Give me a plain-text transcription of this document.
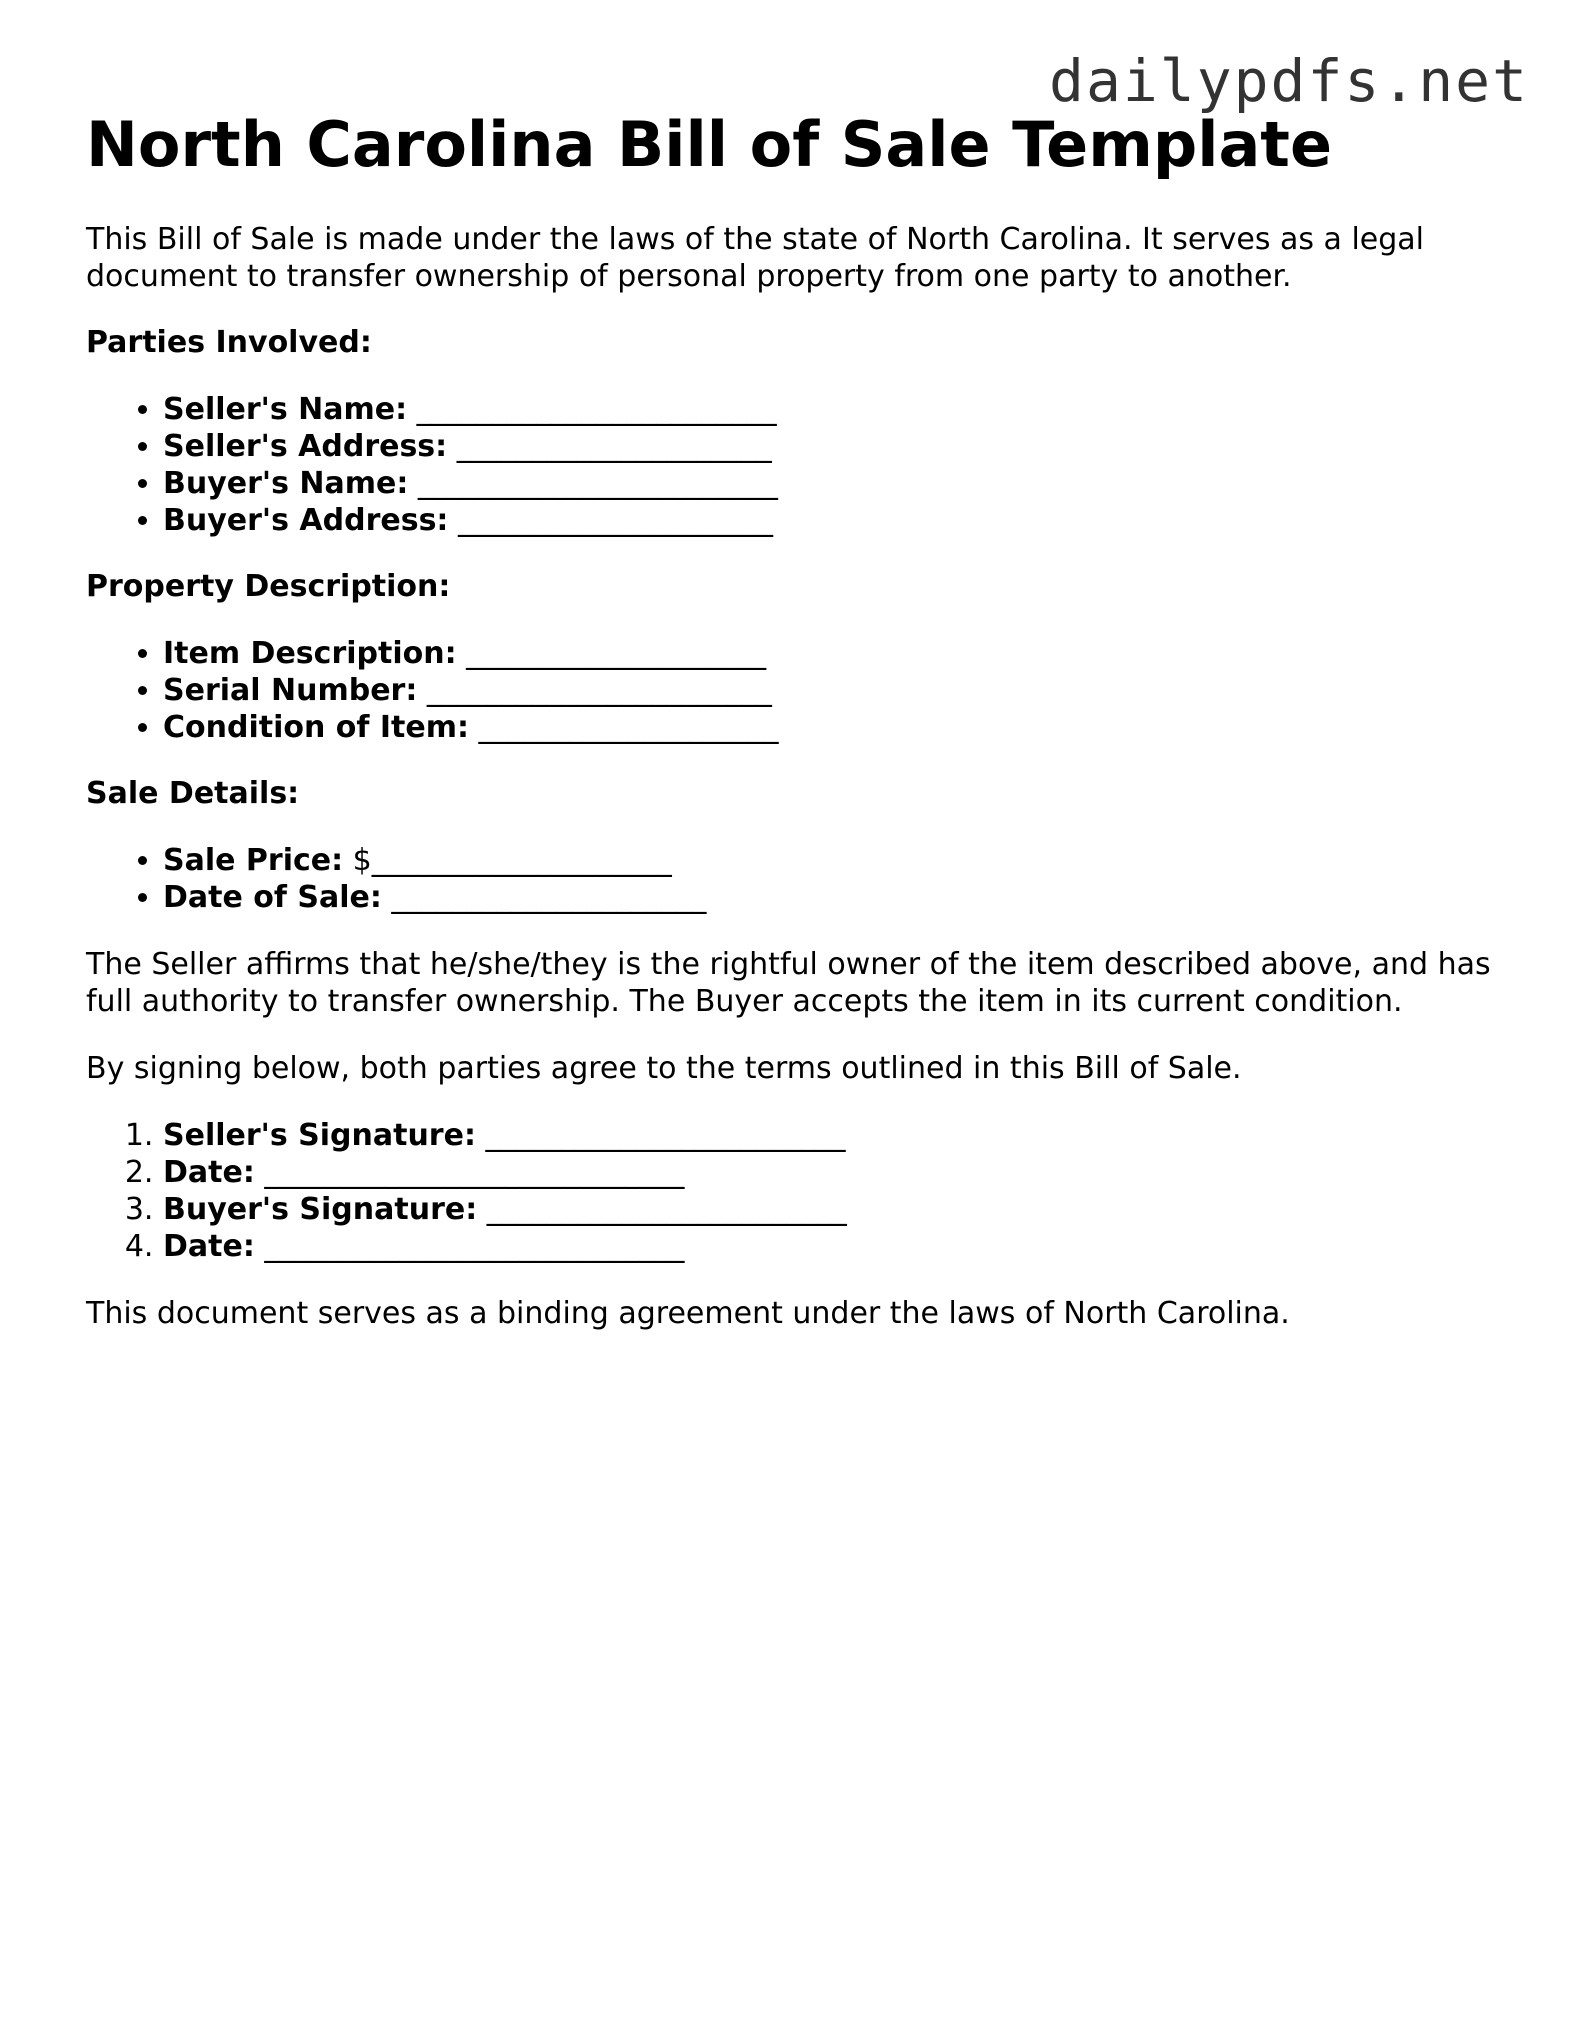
dailypdfs.net
North Carolina Bill of Sale Template

This Bill of Sale is made under the laws of the state of North Carolina. It serves as a legal document to transfer ownership of personal property from one party to another.

Parties Involved:

• Seller's Name: ________________________
• Seller's Address: _____________________
• Buyer's Name: ________________________
• Buyer's Address: _____________________

Property Description:

• Item Description: ____________________
• Serial Number: _______________________
• Condition of Item: ____________________

Sale Details:

• Sale Price: $____________________
• Date of Sale: _____________________

The Seller affirms that he/she/they is the rightful owner of the item described above, and has full authority to transfer ownership. The Buyer accepts the item in its current condition.

By signing below, both parties agree to the terms outlined in this Bill of Sale.

1. Seller's Signature: ________________________
2. Date: ____________________________
3. Buyer's Signature: ________________________
4. Date: ____________________________

This document serves as a binding agreement under the laws of North Carolina.
